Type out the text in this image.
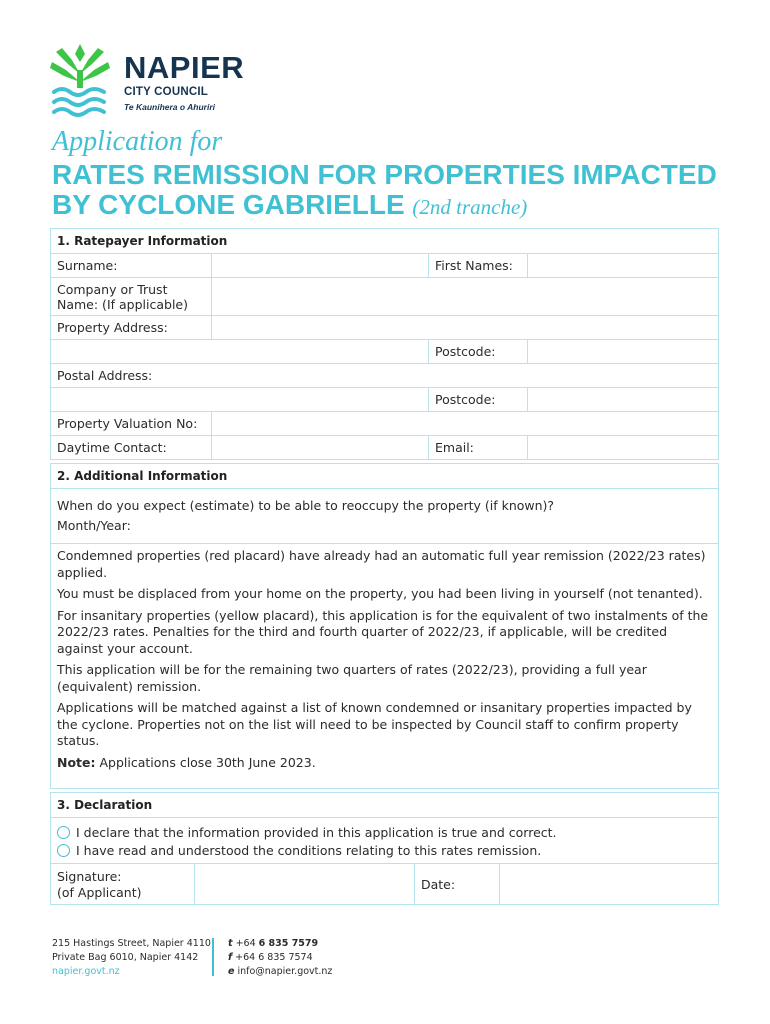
NAPIER
CITY COUNCIL
Te Kaunihera o Ahuriri
Application for
RATES REMISSION FOR PROPERTIES IMPACTED
BY CYCLONE GABRIELLE (2nd tranche)
1. Ratepayer Information
Surname:	First Names:
Company or Trust Name: (If applicable)
Property Address:
Postcode:
Postal Address:
Postcode:
Property Valuation No:
Daytime Contact:	Email:
2. Additional Information
When do you expect (estimate) to be able to reoccupy the property (if known)?
Month/Year:
Condemned properties (red placard) have already had an automatic full year remission (2022/23 rates) applied.
You must be displaced from your home on the property, you had been living in yourself (not tenanted).
For insanitary properties (yellow placard), this application is for the equivalent of two instalments of the 2022/23 rates. Penalties for the third and fourth quarter of 2022/23, if applicable, will be credited against your account.
This application will be for the remaining two quarters of rates (2022/23), providing a full year (equivalent) remission.
Applications will be matched against a list of known condemned or insanitary properties impacted by the cyclone. Properties not on the list will need to be inspected by Council staff to confirm property status.
Note: Applications close 30th June 2023.
3. Declaration
I declare that the information provided in this application is true and correct.
I have read and understood the conditions relating to this rates remission.
Signature:
(of Applicant)
Date:
215 Hastings Street, Napier 4110
Private Bag 6010, Napier 4142
napier.govt.nz
t +64 6 835 7579
f +64 6 835 7574
e info@napier.govt.nz
